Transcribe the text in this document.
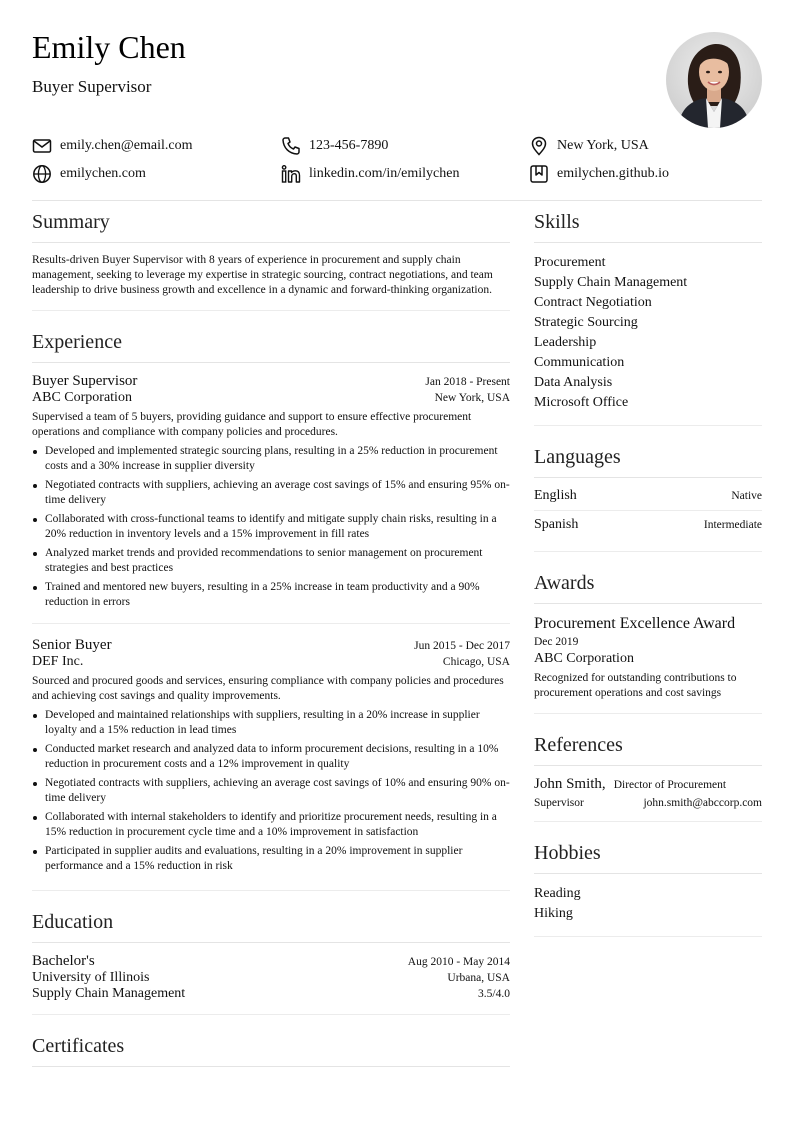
Emily Chen
Buyer Supervisor
emily.chen@email.com	123-456-7890	New York, USA
emilychen.com	linkedin.com/in/emilychen	emilychen.github.io
Summary

Results-driven Buyer Supervisor with 8 years of experience in procurement and supply chain management, seeking to leverage my expertise in strategic sourcing, contract negotiations, and team leadership to drive business growth and excellence in a dynamic and forward-thinking organization.

Experience
Buyer Supervisor	Jan 2018 - Present
ABC Corporation	New York, USA

Supervised a team of 5 buyers, providing guidance and support to ensure effective procurement operations and compliance with company policies and procedures.

Developed and implemented strategic sourcing plans, resulting in a 25% reduction in procurement costs and a 30% increase in supplier diversity
Negotiated contracts with suppliers, achieving an average cost savings of 15% and ensuring 95% on-time delivery
Collaborated with cross-functional teams to identify and mitigate supply chain risks, resulting in a 20% reduction in inventory levels and a 15% improvement in fill rates
Analyzed market trends and provided recommendations to senior management on procurement strategies and best practices
Trained and mentored new buyers, resulting in a 25% increase in team productivity and a 90% reduction in errors
Senior Buyer	Jun 2015 - Dec 2017
DEF Inc.	Chicago, USA

Sourced and procured goods and services, ensuring compliance with company policies and procedures and achieving cost savings and quality improvements.

Developed and maintained relationships with suppliers, resulting in a 20% increase in supplier loyalty and a 15% reduction in lead times
Conducted market research and analyzed data to inform procurement decisions, resulting in a 10% reduction in procurement costs and a 12% improvement in quality
Negotiated contracts with suppliers, achieving an average cost savings of 10% and ensuring 90% on-time delivery
Collaborated with internal stakeholders to identify and prioritize procurement needs, resulting in a 15% reduction in procurement cycle time and a 10% improvement in satisfaction
Participated in supplier audits and evaluations, resulting in a 20% improvement in supplier performance and a 15% reduction in risk
Education
Bachelor's	Aug 2010 - May 2014
University of Illinois	Urbana, USA
Supply Chain Management	3.5/4.0
Certificates
Skills
Procurement
Supply Chain Management
Contract Negotiation
Strategic Sourcing
Leadership
Communication
Data Analysis
Microsoft Office
Languages
English	Native
Spanish	Intermediate
Awards
Procurement Excellence Award
Dec 2019
ABC Corporation
Recognized for outstanding contributions to procurement operations and cost savings
References
John Smith, Director of Procurement
Supervisor	john.smith@abccorp.com
Hobbies
Reading
Hiking
